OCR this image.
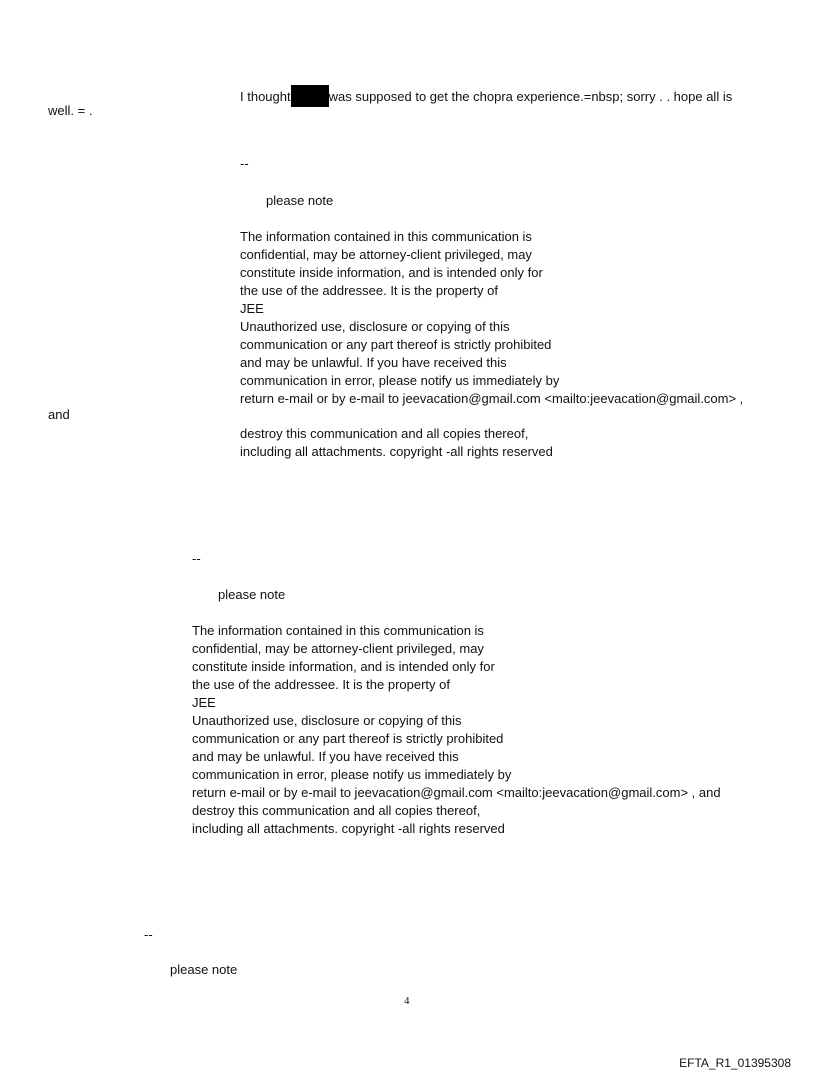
I thought	was supposed to get the chopra experience.=nbsp; sorry . . hope all is
well. = .
--
please note
The information contained in this communication is
confidential, may be attorney-client privileged, may
constitute inside information, and is intended only for
the use of the addressee. It is the property of
JEE
Unauthorized use, disclosure or copying of this
communication or any part thereof is strictly prohibited
and may be unlawful. If you have received this
communication in error, please notify us immediately by
return e-mail or by e-mail to jeevacation@gmail.com <mailto:jeevacation@gmail.com> ,
and
destroy this communication and all copies thereof,
including all attachments. copyright -all rights reserved
--
please note
The information contained in this communication is
confidential, may be attorney-client privileged, may
constitute inside information, and is intended only for
the use of the addressee. It is the property of
JEE
Unauthorized use, disclosure or copying of this
communication or any part thereof is strictly prohibited
and may be unlawful. If you have received this
communication in error, please notify us immediately by
return e-mail or by e-mail to jeevacation@gmail.com <mailto:jeevacation@gmail.com> , and
destroy this communication and all copies thereof,
including all attachments. copyright -all rights reserved
--
please note
4
EFTA_R1_01395308
